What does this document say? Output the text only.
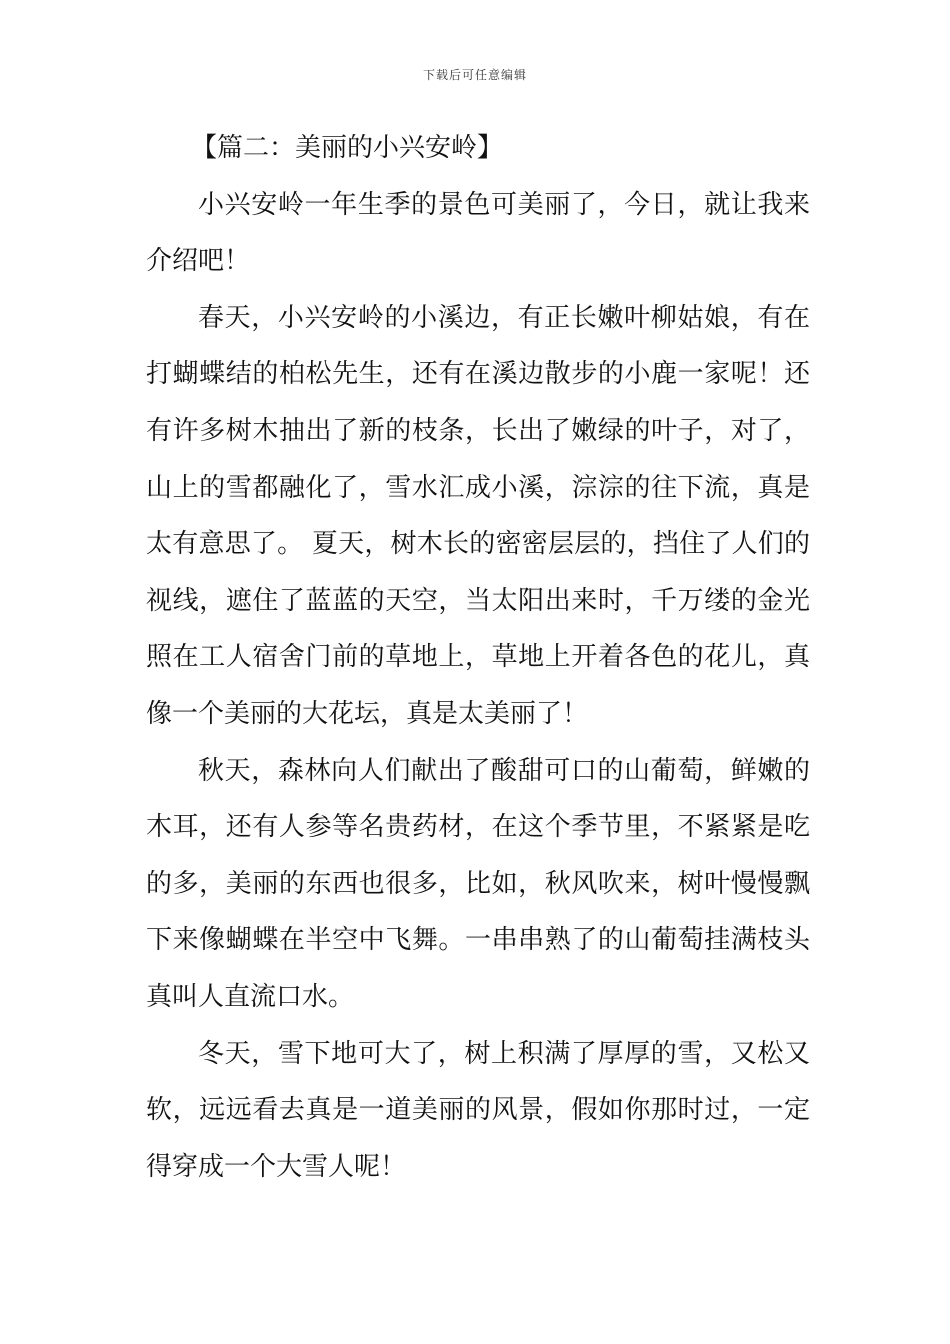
下载后可任意编辑

【篇二：美丽的小兴安岭】

小兴安岭一年生季的景色可美丽了，今日，就让我来介绍吧！

春天，小兴安岭的小溪边，有正长嫩叶柳姑娘，有在打蝴蝶结的柏松先生，还有在溪边散步的小鹿一家呢！还有许多树木抽出了新的枝条，长出了嫩绿的叶子，对了，山上的雪都融化了，雪水汇成小溪，淙淙的往下流，真是太有意思了。 夏天，树木长的密密层层的，挡住了人们的视线，遮住了蓝蓝的天空，当太阳出来时，千万缕的金光照在工人宿舍门前的草地上，草地上开着各色的花儿，真像一个美丽的大花坛，真是太美丽了！

秋天，森林向人们献出了酸甜可口的山葡萄，鲜嫩的木耳，还有人参等名贵药材，在这个季节里，不紧紧是吃的多，美丽的东西也很多，比如，秋风吹来，树叶慢慢飘下来像蝴蝶在半空中飞舞。一串串熟了的山葡萄挂满枝头真叫人直流口水。

冬天，雪下地可大了，树上积满了厚厚的雪，又松又软，远远看去真是一道美丽的风景，假如你那时过，一定得穿成一个大雪人呢！
